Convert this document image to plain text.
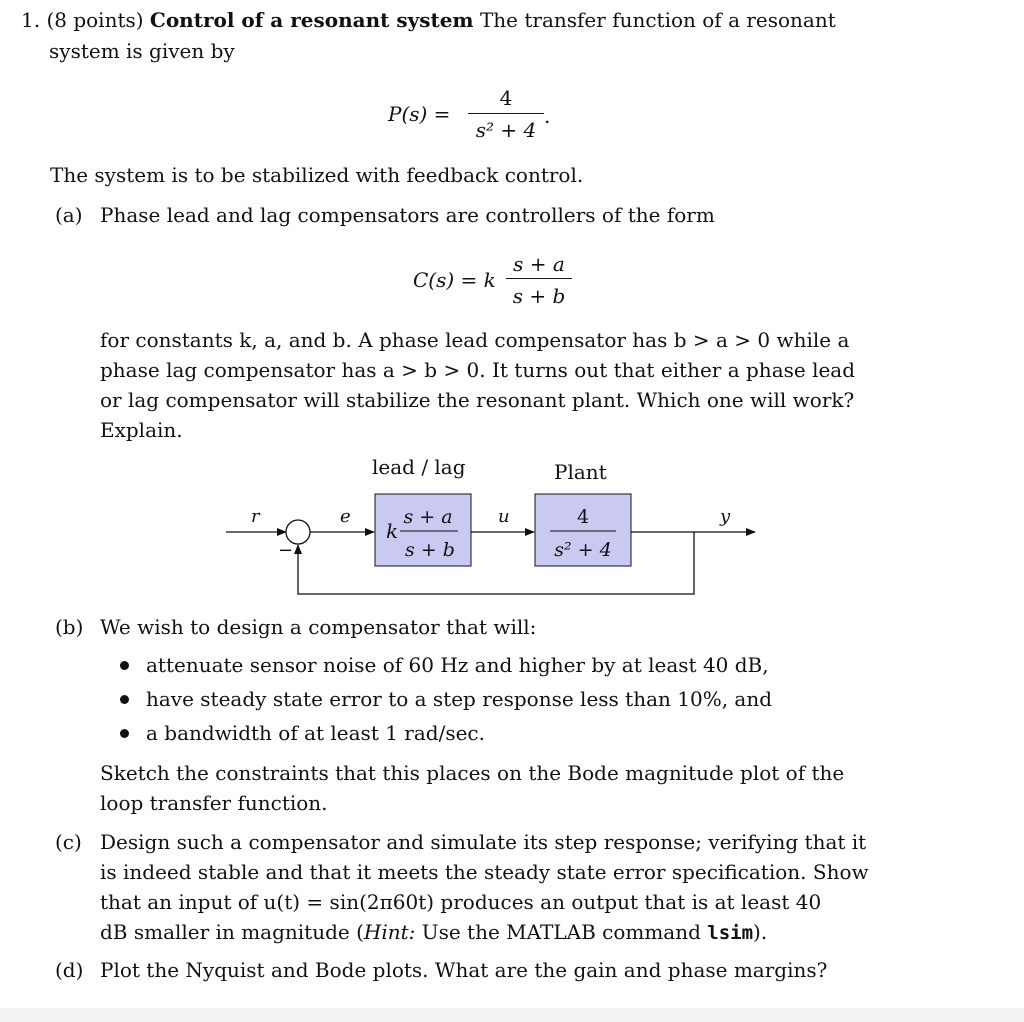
1. (8 points) Control of a resonant system The transfer function of a resonant
system is given by
P(s) =
4
s² + 4
.
The system is to be stabilized with feedback control.
(a) Phase lead and lag compensators are controllers of the form
C(s) = k
s + a
s + b
for constants k, a, and b. A phase lead compensator has b > a > 0 while a
phase lag compensator has a > b > 0. It turns out that either a phase lead
or lag compensator will stabilize the resonant plant. Which one will work?
Explain.
lead / lag	Plant
r	e	u	y
−
k
s + a
s + b
4
s² + 4
(b) We wish to design a compensator that will:
attenuate sensor noise of 60 Hz and higher by at least 40 dB,
have steady state error to a step response less than 10%, and
a bandwidth of at least 1 rad/sec.
Sketch the constraints that this places on the Bode magnitude plot of the
loop transfer function.
(c) Design such a compensator and simulate its step response; verifying that it
is indeed stable and that it meets the steady state error specification. Show
that an input of u(t) = sin(2π60t) produces an output that is at least 40
dB smaller in magnitude (Hint: Use the MATLAB command lsim).
(d) Plot the Nyquist and Bode plots. What are the gain and phase margins?
